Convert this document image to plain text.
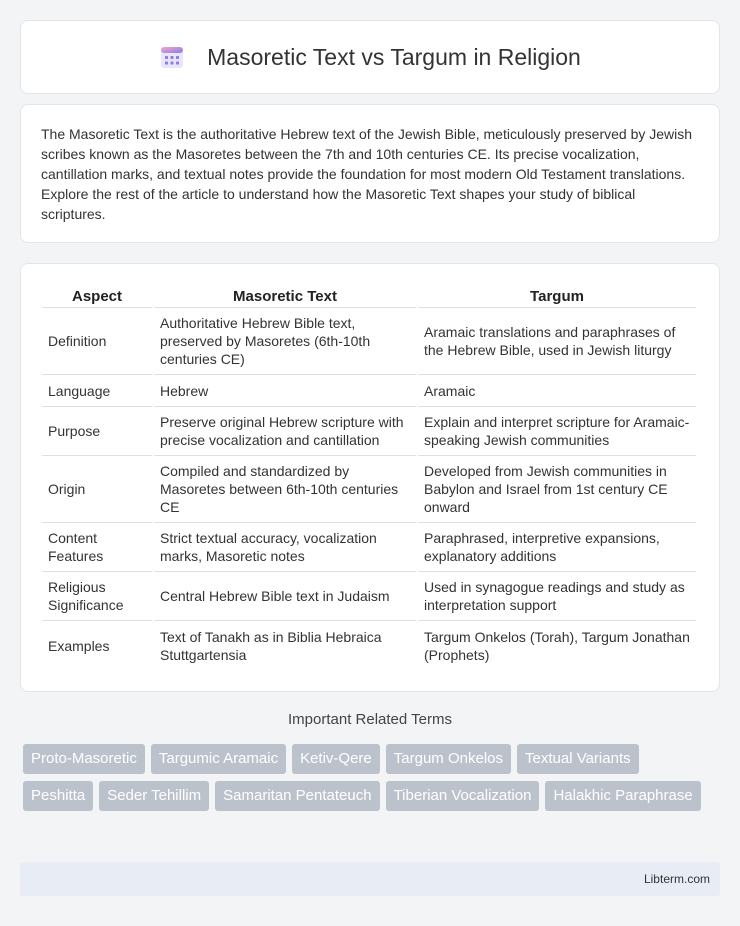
Masoretic Text vs Targum in Religion

The Masoretic Text is the authoritative Hebrew text of the Jewish Bible, meticulously preserved by Jewish scribes known as the Masoretes between the 7th and 10th centuries CE. Its precise vocalization, cantillation marks, and textual notes provide the foundation for most modern Old Testament translations. Explore the rest of the article to understand how the Masoretic Text shapes your study of biblical scriptures.

Aspect	Masoretic Text	Targum
Definition	Authoritative Hebrew Bible text, preserved by Masoretes (6th-10th centuries CE)	Aramaic translations and paraphrases of the Hebrew Bible, used in Jewish liturgy
Language	Hebrew	Aramaic
Purpose	Preserve original Hebrew scripture with precise vocalization and cantillation	Explain and interpret scripture for Aramaic-speaking Jewish communities
Origin	Compiled and standardized by Masoretes between 6th-10th centuries CE	Developed from Jewish communities in Babylon and Israel from 1st century CE onward
Content Features	Strict textual accuracy, vocalization marks, Masoretic notes	Paraphrased, interpretive expansions, explanatory additions
Religious Significance	Central Hebrew Bible text in Judaism	Used in synagogue readings and study as interpretation support
Examples	Text of Tanakh as in Biblia Hebraica Stuttgartensia	Targum Onkelos (Torah), Targum Jonathan (Prophets)
Important Related Terms
Proto-Masoretic	Targumic Aramaic	Ketiv-Qere	Targum Onkelos	Textual Variants
Peshitta	Seder Tehillim	Samaritan Pentateuch	Tiberian Vocalization	Halakhic Paraphrase
Libterm.com
